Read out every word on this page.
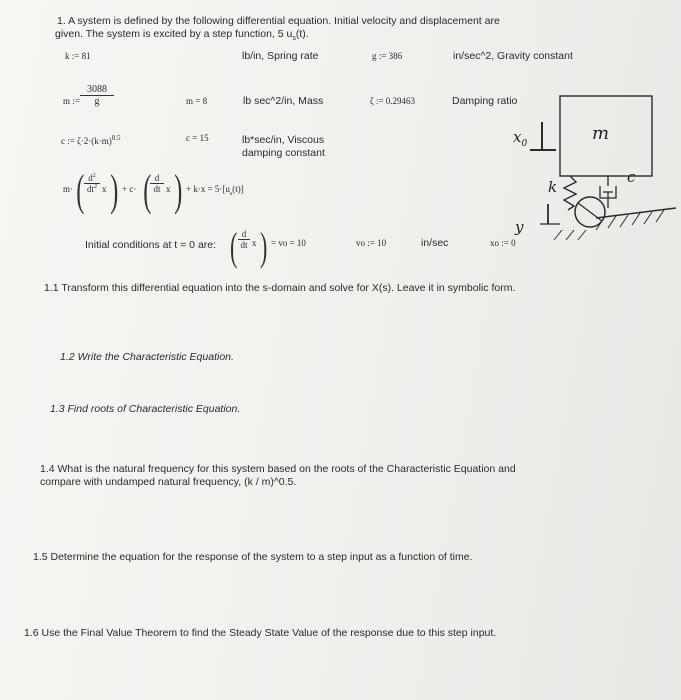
1. A system is defined by the following differential equation. Initial velocity and displacement are
given. The system is excited by a step function, 5 $u_s(t)$.
k := 81	lb/in, Spring rate	g := 386	in/sec^2, Gravity constant
m := $\frac{3088}{g}$	m = 8	lb sec^2/in, Mass	ζ := 0.29463	Damping ratio
c := $\zeta\cdot 2\cdot(k\cdot m)^{0.5}$	c = 15	lb*sec/in, Viscous
damping constant
m· ( $\frac{d^2}{dt^2}$ x ) + c· (
$\frac{d}{dt}$ x ) + $k\cdot x = 5\cdot[u_s(t)]$
Initial conditions at t = 0 are: ( $\frac{d}{dt}$ x ) = vo = 10	vo := 10	in/sec	xo := 0
1.1 Transform this differential equation into the s-domain and solve for X(s). Leave it in symbolic form.
1.2 Write the Characteristic Equation.
1.3 Find roots of Characteristic Equation.
1.4 What is the natural frequency for this system based on the roots of the Characteristic Equation and
compare with undamped natural frequency, (k / m)^0.5.
1.5 Determine the equation for the response of the system to a step input as a function of time.
1.6 Use the Final Value Theorem to find the Steady State Value of the response due to this step input.
m
$x_0$
k
c
y
